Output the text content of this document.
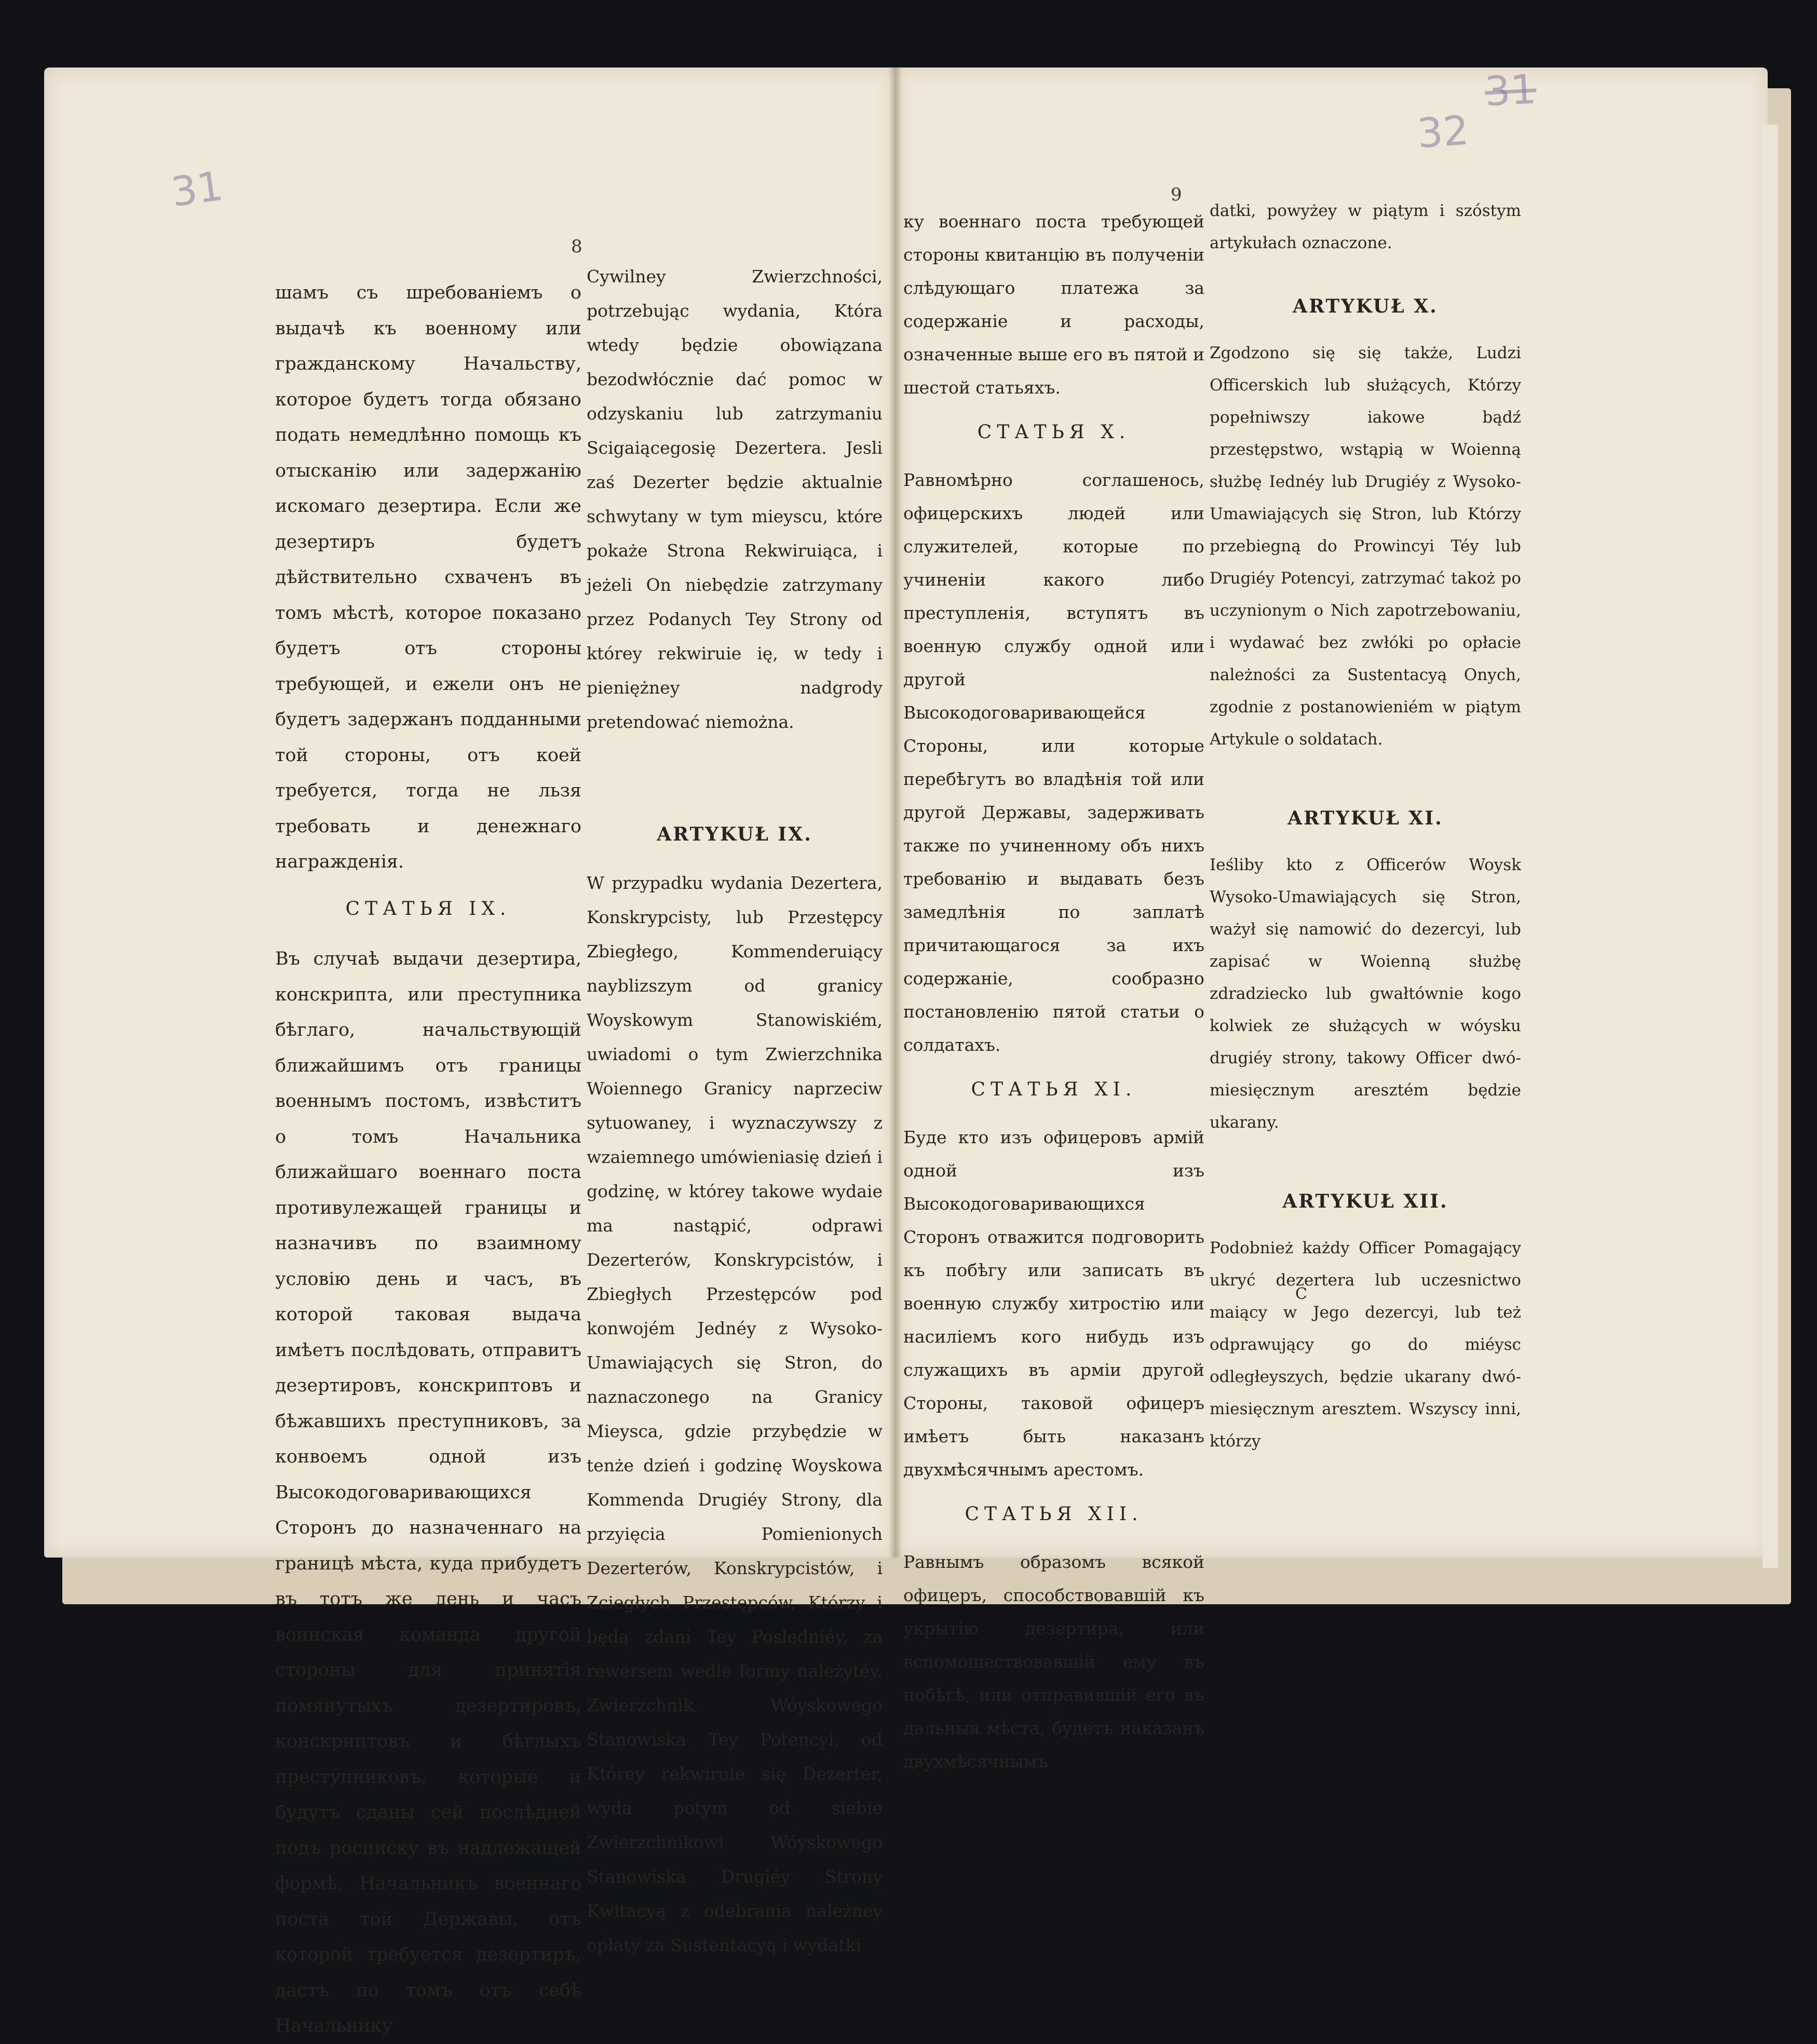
31
32
31
8
9

шамъ съ шребованіемъ о выдачѣ къ военному или гражданскому Начальству, которое будетъ тогда обязано подать немедлѣнно помощь къ отысканію или задержанію искомаго дезертира. Если же дезертиръ будетъ дѣйствительно схваченъ въ томъ мѣстѣ, которое показано будетъ отъ стороны требующей, и ежели онъ не будетъ задержанъ подданными той стороны, отъ коей требуется, тогда не льзя требовать и денежнаго награжденія.

СТАТЬЯ IX.

Въ случаѣ выдачи дезертира, конскрипта, или преступника бѣглаго, начальствующій ближайшимъ отъ границы военнымъ постомъ, извѣститъ о томъ Начальника ближайшаго военнаго поста противулежащей границы и назначивъ по взаимному условію день и часъ, въ которой таковая выдача имѣетъ послѣдовать, отправитъ дезертировъ, конскриптовъ и бѣжавшихъ преступниковъ, за конвоемъ одной изъ Высокодоговаривающихся Сторонъ до назначеннаго на границѣ мѣста, куда прибудетъ въ тотъ же день и часъ воинская команда другой стороны для принятія помянутыхъ дезертировъ, конскриптовъ и бѣглыхъ преступниковъ, которые и будутъ сданы сей послѣдней подъ росписку въ надлежащей формѣ, Начальникъ военнаго поста той Державы, отъ которой требуется дезертиръ, дастъ по томъ отъ себѣ Начальнику

Cywilney Zwierzchności, potrzebując wydania, Która wtedy będzie obowiązana bezodwłócznie dać pomoc w odzyskaniu lub zatrzymaniu Scigaiącegosię Dezertera. Jesli zaś Dezerter będzie aktualnie schwytany w tym mieyscu, które pokaże Strona Rekwiruiąca, i jeżeli On niebędzie zatrzymany przez Podanych Tey Strony od którey rekwiruie ię, w tedy i pieniężney nadgrody pretendować niemożna.

ARTYKUŁ IX.

W przypadku wydania Dezertera, Konskrypcisty, lub Przestępcy Zbiegłego, Kommenderuiący nayblizszym od granicy Woyskowym Stanowiskiém, uwiadomi o tym Zwierzchnika Woiennego Granicy naprzeciw sytuowaney, i wyznaczywszy z wzaiemnego umówieniasię dzień i godzinę, w którey takowe wydaie ma nastąpić, odprawi Dezerterów, Konskrypcistów, i Zbiegłych Przestępców pod konwojém Jednéy z Wysoko-Umawiających się Stron, do naznaczonego na Granicy Mieysca, gdzie przybędzie w tenże dzień i godzinę Woyskowa Kommenda Drugiéy Strony, dla przyięcia Pomienionych Dezerterów, Konskrypcistów, i Zciegłych Przestępców, Którzy i będą zdani Tey Posledniéy, za rewersem wedle formy należytéy. Zwierzchnik Wóyskowego Stanowiska Tey Potencyi, od Którey rekwiruie się Dezerter, wyda potym od siebie Zwierzchnikowi Wóyskowego Stanowiska Drugiéy Strony Kwitacyą z odebrania należney opłaty za Sustentacyą i wydatki

ку военнаго поста требующей стороны квитанцію въ полученіи слѣдующаго платежа за содержаніе и расходы, означенные выше его въ пятой и шестой статьяхъ.

СТАТЬЯ X.

Равномѣрно соглашенось, офицерскихъ людей или служителей, которые по учиненіи какого либо преступленія, вступятъ въ военную службу одной или другой Высокодоговаривающейся Стороны, или которые перебѣгутъ во владѣнія той или другой Державы, задерживать также по учиненному объ нихъ требованію и выдавать безъ замедлѣнія по заплатѣ причитающагося за ихъ содержаніе, сообразно постановленію пятой статьи о солдатахъ.

СТАТЬЯ XI.

Буде кто изъ офицеровъ армій одной изъ Высокодоговаривающихся Сторонъ отважится подговорить къ побѣгу или записать въ военную службу хитростію или насиліемъ кого нибудь изъ служащихъ въ арміи другой Стороны, таковой офицеръ имѣетъ быть наказанъ двухмѣсячнымъ арестомъ.

СТАТЬЯ XII.

Равнымъ образомъ всякой офицеръ, способствовавшій къ укрытію дезертира, или вспомоществовавшій ему въ побѣгѣ, или отправившій его въ дальныя мѣста, будетъ наказанъ двухмѣсячнымъ

datki, powyżey w piątym i szóstym artykułach oznaczone.

ARTYKUŁ X.

Zgodzono się się także, Ludzi Officerskich lub służących, Którzy popełniwszy iakowe bądź przestępstwo, wstąpią w Woienną służbę Iednéy lub Drugiéy z Wysoko-Umawiających się Stron, lub Którzy przebiegną do Prowincyi Téy lub Drugiéy Potencyi, zatrzymać takoż po uczynionym o Nich zapotrzebowaniu, i wydawać bez zwłóki po opłacie należności za Sustentacyą Onych, zgodnie z postanowieniém w piątym Artykule o soldatach.

ARTYKUŁ XI.

Ieśliby kto z Officerów Woysk Wysoko-Umawiających się Stron, ważył się namowić do dezercyi, lub zapisać w Woienną służbę zdradziecko lub gwałtównie kogo kolwiek ze służących w wóysku drugiéy strony, takowy Officer dwó-miesięcznym aresztém będzie ukarany.

ARTYKUŁ XII.

Podobnież każdy Officer Pomagający ukryć dezertera lub uczesnictwo maiący w Jego dezercyi, lub też odprawujący go do miéysc odległeyszych, będzie ukarany dwó-miesięcznym aresztem. Wszyscy inni, którzy

C
